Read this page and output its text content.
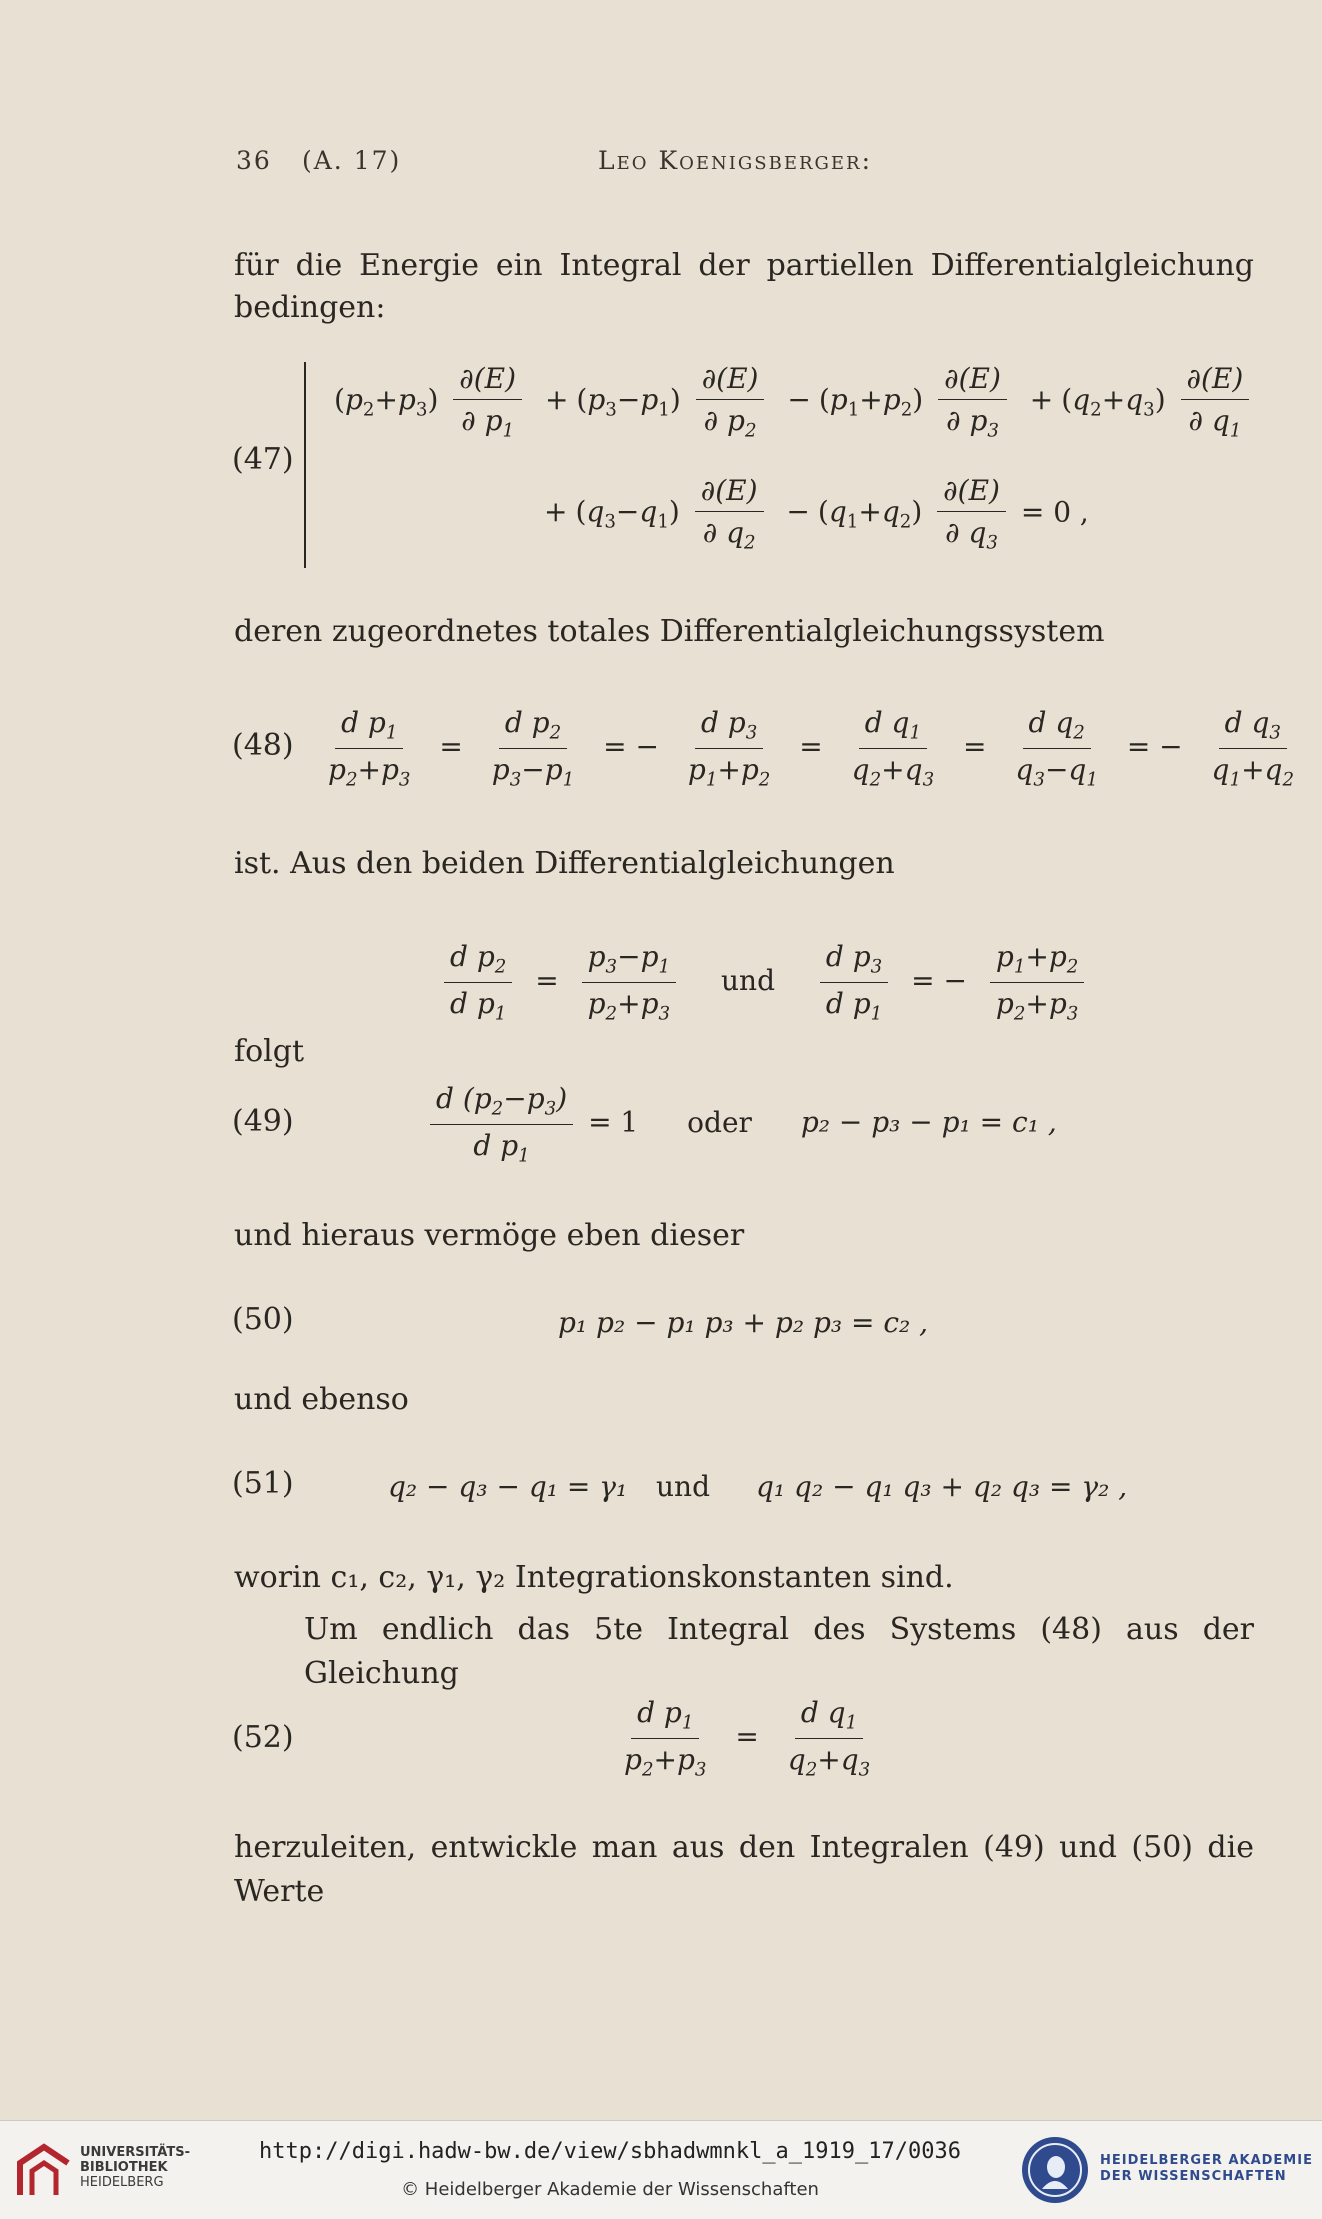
36 (A. 17)	Leo Koenigsberger:
für die Energie ein Integral der partiellen Differentialgleichung
bedingen:
(47)
$(p_2+p_3) \frac{\partial(E)}{\partial p_1} + (p_3-p_1) \frac{\partial(E)}{\partial p_2} - (p_1+p_2) \frac{\partial(E)}{\partial p_3} + (q_2+q_3) \frac{\partial(E)}{\partial q_1}$
+ $(q_3-q_1) \frac{\partial(E)}{\partial q_2} - (q_1+q_2) \frac{\partial(E)}{\partial q_3} = 0$ ,
deren zugeordnetes totales Differentialgleichungssystem
$(48) \frac{d p_1}{p_2+p_3} = \frac{d p_2}{p_3-p_1}$ = − $\frac{d p_3}{p_1+p_2} = \frac{d q_1}{q_2+q_3} = \frac{d q_2}{q_3-q_1}$ = − $\frac{d q_3}{q_1+q_2}$
ist. Aus den beiden Differentialgleichungen
$\frac{d p_2}{d p_1} = \frac{p_3-p_1}{p_2+p_3}$ und $\frac{d p_3}{d p_1}$ = − $\frac{p_1+p_2}{p_2+p_3}$
folgt
(49)	$\frac{d (p_2-p_3)}{d p_1} = 1$ oder p₂ − p₃ − p₁ = c₁ ,
und hieraus vermöge eben dieser
(50)	p₁ p₂ − p₁ p₃ + p₂ p₃ = c₂ ,
und ebenso
(51)	q₂ − q₃ − q₁ = γ₁ und q₁ q₂ − q₁ q₃ + q₂ q₃ = γ₂ ,
worin c₁, c₂, γ₁, γ₂ Integrationskonstanten sind.
Um endlich das 5te Integral des Systems (48) aus der Gleichung
(52)	$\frac{d p_1}{p_2+p_3} = \frac{d q_1}{q_2+q_3}$
herzuleiten, entwickle man aus den Integralen (49) und (50) die
Werte
UNIVERSITÄTS-
BIBLIOTHEK
HEIDELBERG
http://digi.hadw-bw.de/view/sbhadwmnkl_a_1919_17/0036
© Heidelberger Akademie der Wissenschaften
HEIDELBERGER AKADEMIE
DER WISSENSCHAFTEN
